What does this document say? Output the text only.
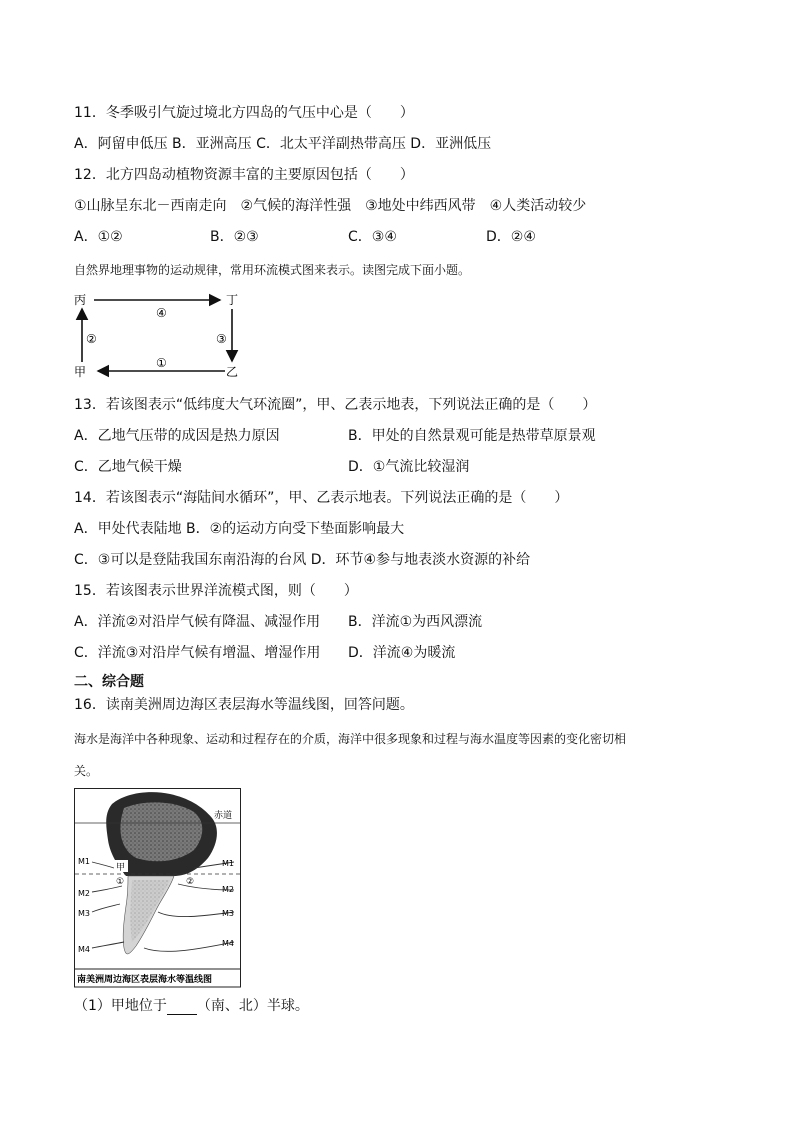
11．冬季吸引气旋过境北方四岛的气压中心是（　　）
A．阿留申低压 B．亚洲高压 C．北太平洋副热带高压 D．亚洲低压
12．北方四岛动植物资源丰富的主要原因包括（　　）
①山脉呈东北－西南走向　②气候的海洋性强　③地处中纬西风带　④人类活动较少
A．①②	B．②③	C．③④	D．②④
自然界地理事物的运动规律，常用环流模式图来表示。读图完成下面小题。
丙	丁
甲	乙
④
③
①
②
13．若该图表示“低纬度大气环流圈”，甲、乙表示地表，下列说法正确的是（　　）
A．乙地气压带的成因是热力原因	B．甲处的自然景观可能是热带草原景观
C．乙地气候干燥	D．①气流比较湿润
14．若该图表示“海陆间水循环”，甲、乙表示地表。下列说法正确的是（　　）
A．甲处代表陆地 B．②的运动方向受下垫面影响最大
C．③可以是登陆我国东南沿海的台风 D．环节④参与地表淡水资源的补给
15．若该图表示世界洋流模式图，则（　　）
A．洋流②对沿岸气候有降温、减湿作用 B．洋流①为西风漂流
C．洋流③对沿岸气候有增温、增湿作用 D．洋流④为暖流
二、综合题
16．读南美洲周边海区表层海水等温线图，回答问题。
海水是海洋中各种现象、运动和过程存在的介质，海洋中很多现象和过程与海水温度等因素的变化密切相
关。
赤道
M1	M1
M2	M2
M3	M3
M4
M4
甲
①	②
南美洲周边海区表层海水等温线图
（1）甲地位于 （南、北）半球。
